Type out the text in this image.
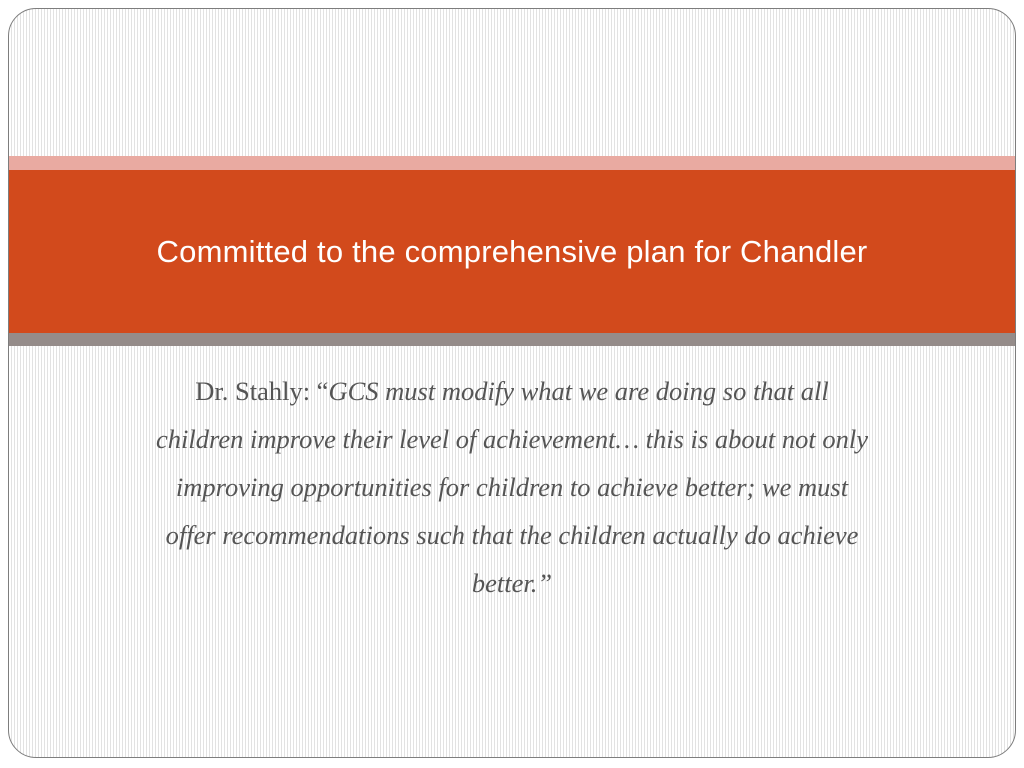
Committed to the comprehensive plan for Chandler

Dr. Stahly: “GCS must modify what we are doing so that all children improve their level of achievement… this is about not only improving opportunities for children to achieve better; we must offer recommendations such that the children actually do achieve better.”
